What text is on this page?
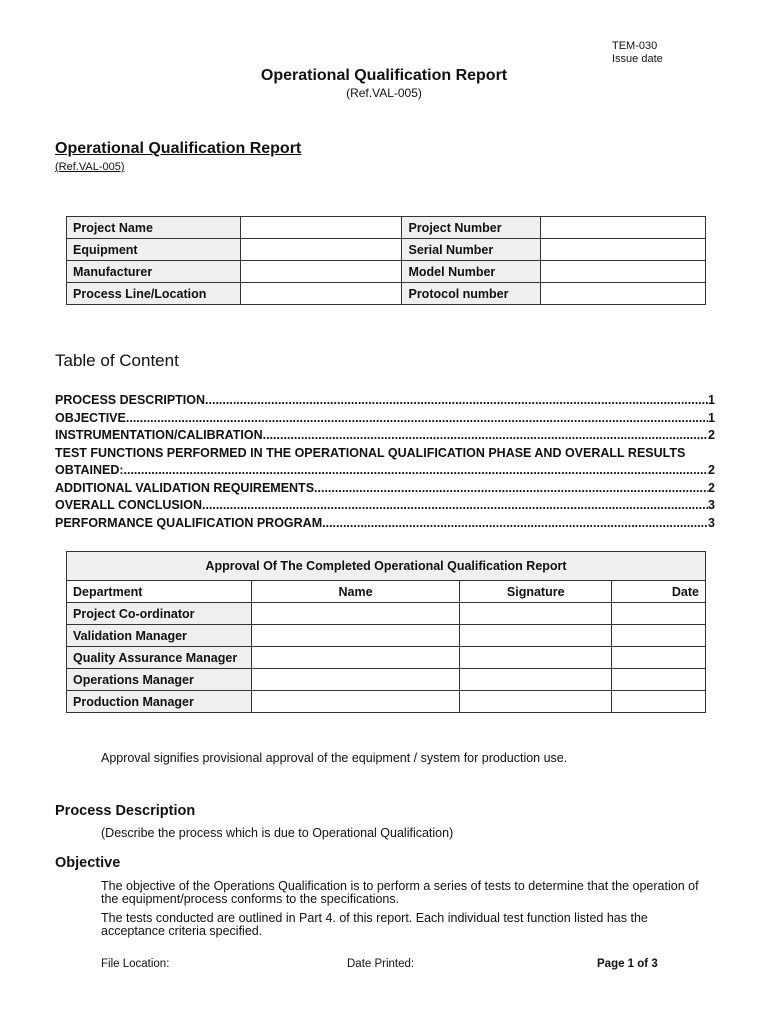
TEM-030
Issue date
Operational Qualification Report
(Ref.VAL-005)
Operational Qualification Report
(Ref.VAL-005)
Project Name		Project Number	
Equipment		Serial Number	
Manufacturer		Model Number	
Process Line/Location		Protocol number	
Table of Content
PROCESS DESCRIPTION .....	1
OBJECTIVE .....	1
INSTRUMENTATION/CALIBRATION .....	2
TEST FUNCTIONS PERFORMED IN THE OPERATIONAL QUALIFICATION PHASE AND OVERALL RESULTS
OBTAINED: .....	2
ADDITIONAL VALIDATION REQUIREMENTS .....	2
OVERALL CONCLUSION .....	3
PERFORMANCE QUALIFICATION PROGRAM .....	3
Approval Of The Completed Operational Qualification Report			
Department	Name	Signature	Date
Project Co-ordinator			
Validation Manager			
Quality Assurance Manager			
Operations Manager			
Production Manager			
Approval signifies provisional approval of the equipment / system for production use.
Process Description
(Describe the process which is due to Operational Qualification)
Objective

The objective of the Operations Qualification is to perform a series of tests to determine that the operation of the equipment/process conforms to the specifications.

The tests conducted are outlined in Part 4. of this report. Each individual test function listed has the acceptance criteria specified.

File Location:	Date Printed:	Page 1 of 3
